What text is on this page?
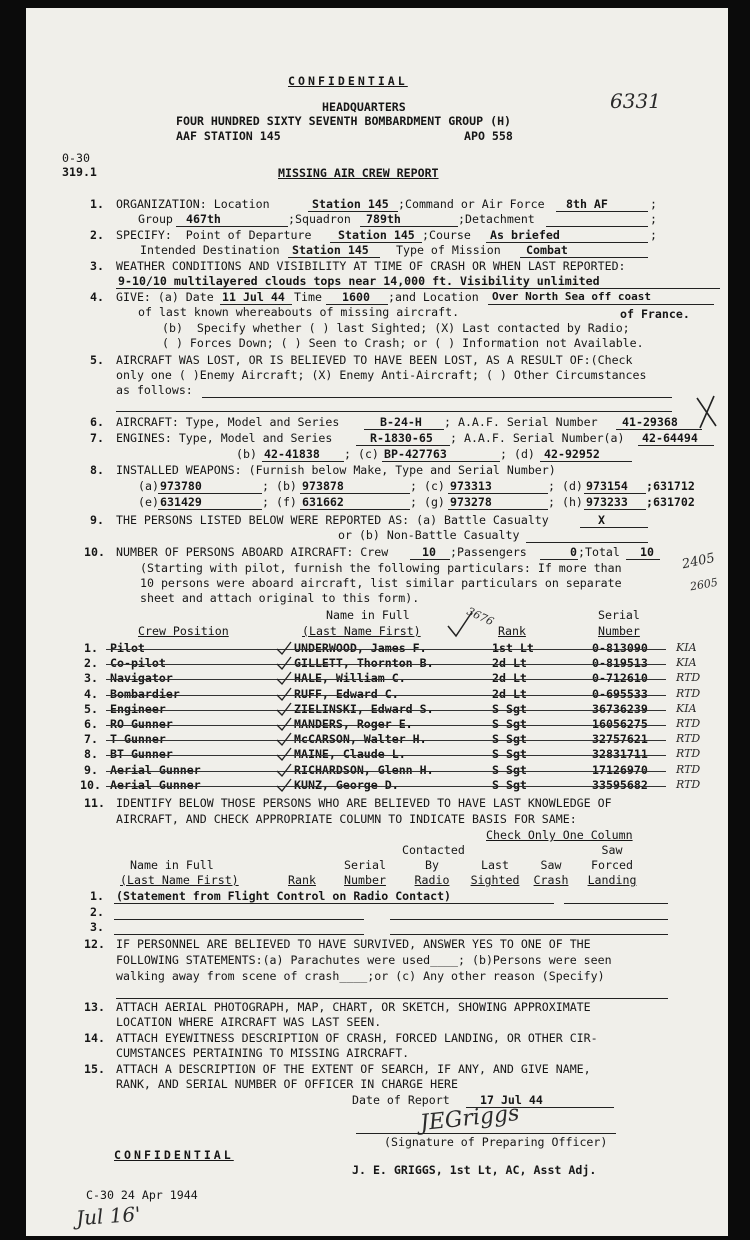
CONFIDENTIAL
6331
HEADQUARTERS
FOUR HUNDRED SIXTY SEVENTH BOMBARDMENT GROUP (H)
AAF STATION 145	APO 558
0-30
319.1	MISSING AIR CREW REPORT
1. ORGANIZATION: Location	Station 145 ;Command or Air Force 8th AF	;
Group 467th	;Squadron 789th	;Detachment	;
2. SPECIFY:  Point of Departure Station 145 ;Course As briefed	;
Intended Destination Station 145 Type of Mission Combat
3. WEATHER CONDITIONS AND VISIBILITY AT TIME OF CRASH OR WHEN LAST REPORTED:
9-10/10 multilayered clouds tops near 14,000 ft. Visibility unlimited
4. GIVE: (a) Date 11 Jul 44 Time 1600 ;and Location Over North Sea off coast
of last known whereabouts of missing aircraft.	of France.
(b)  Specify whether ( ) last Sighted; (X) Last contacted by Radio;
( ) Forces Down; ( ) Seen to Crash; or ( ) Information not Available.
5. AIRCRAFT WAS LOST, OR IS BELIEVED TO HAVE BEEN LOST, AS A RESULT OF:(Check
only one ( )Enemy Aircraft; (X) Enemy Anti-Aircraft; ( ) Other Circumstances
as follows:
6. AIRCRAFT: Type, Model and Series	B-24-H ; A.A.F. Serial Number 41-29368
7. ENGINES: Type, Model and Series	R-1830-65 ; A.A.F. Serial Number(a) 42-64494
(b) 42-41838 ; (c) BP-427763	; (d) 42-92952
8. INSTALLED WEAPONS: (Furnish below Make, Type and Serial Number)
(a) 973780	; (b) 973878	; (c) 973313	; (d) 973154 ;631712
(e) 631429	; (f) 631662	; (g) 973278	; (h) 973233 ;631702
9. THE PERSONS LISTED BELOW WERE REPORTED AS: (a) Battle Casualty	X
or (b) Non-Battle Casualty
10. NUMBER OF PERSONS ABOARD AIRCRAFT: Crew	10 ;Passengers	0 ;Total 10 2405
2605
(Starting with pilot, furnish the following particulars: If more than
10 persons were aboard aircraft, list similar particulars on separate
sheet and attach original to this form).
Name in Full	Serial
3676
Crew Position	(Last Name First)	Rank	Number
1. Pilot	UNDERWOOD, James F.	1st Lt	0-813090	KIA
2. Co-pilot	GILLETT, Thornton B.	2d Lt	0-819513	KIA
3. Navigator	HALE, William C.	2d Lt	0-712610	RTD
4. Bombardier	RUFF, Edward C.	2d Lt	0-695533	RTD
5. Engineer	ZIELINSKI, Edward S.	S Sgt	36736239	KIA
6. RO Gunner	MANDERS, Roger E.	S Sgt	16056275	RTD
7. T Gunner	McCARSON, Walter H.	S Sgt	32757621	RTD
8. BT Gunner	MAINE, Claude L.	S Sgt	32831711	RTD
9. Aerial Gunner	RICHARDSON, Glenn H.	S Sgt	17126970	RTD
10. Aerial Gunner	KUNZ, George D.	S Sgt	33595682	RTD
11. IDENTIFY BELOW THOSE PERSONS WHO ARE BELIEVED TO HAVE LAST KNOWLEDGE OF
AIRCRAFT, AND CHECK APPROPRIATE COLUMN TO INDICATE BASIS FOR SAME:
Check Only One Column
Contacted	Saw
Name in Full	Serial	By	Last	Saw	Forced
(Last Name First)	Rank	Number	Radio	Sighted	Crash	Landing
1. (Statement from Flight Control on Radio Contact)
2.
3.
12. IF PERSONNEL ARE BELIEVED TO HAVE SURVIVED, ANSWER YES TO ONE OF THE
FOLLOWING STATEMENTS:(a) Parachutes were used____; (b)Persons were seen
walking away from scene of crash____;or (c) Any other reason (Specify)
13. ATTACH AERIAL PHOTOGRAPH, MAP, CHART, OR SKETCH, SHOWING APPROXIMATE
LOCATION WHERE AIRCRAFT WAS LAST SEEN.
14. ATTACH EYEWITNESS DESCRIPTION OF CRASH, FORCED LANDING, OR OTHER CIR-
CUMSTANCES PERTAINING TO MISSING AIRCRAFT.
15. ATTACH A DESCRIPTION OF THE EXTENT OF SEARCH, IF ANY, AND GIVE NAME,
RANK, AND SERIAL NUMBER OF OFFICER IN CHARGE HERE
Date of Report	17 Jul 44
JEGriggs
(Signature of Preparing Officer)
CONFIDENTIAL
J. E. GRIGGS, 1st Lt, AC, Asst Adj.
C-30 24 Apr 1944
Jul 16'
